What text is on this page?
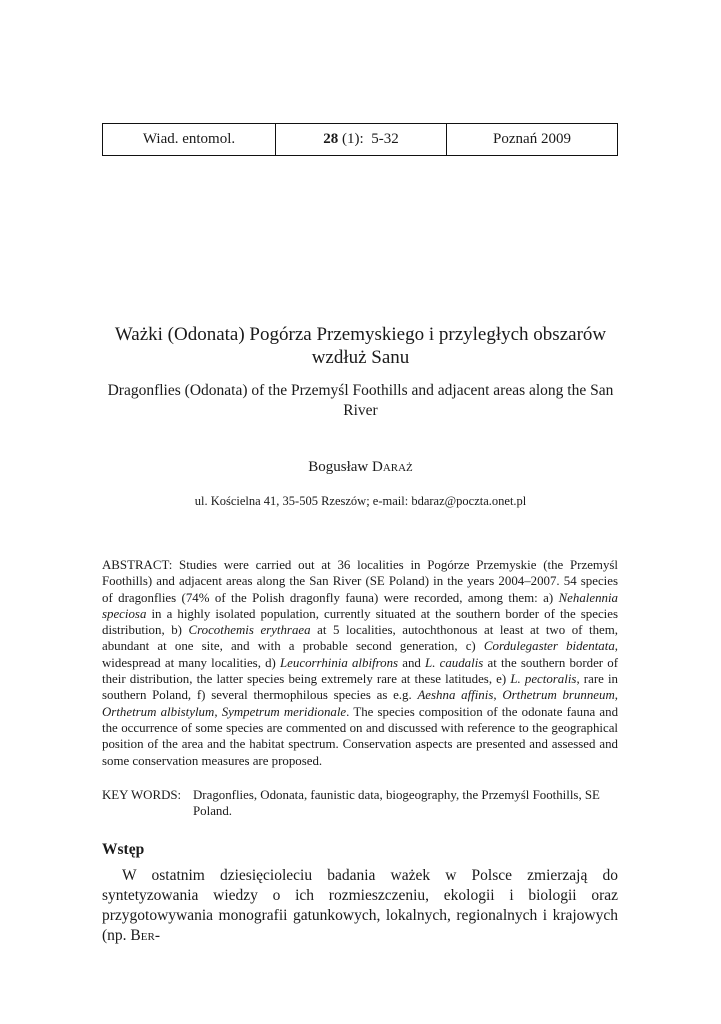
Wiad. entomol.	28 (1):  5-32	Poznań 2009
Ważki (Odonata) Pogórza Przemyskiego i przyległych obszarów wzdłuż Sanu
Dragonflies (Odonata) of the Przemyśl Foothills and adjacent areas along the San River
Bogusław Daraż
ul. Kościelna 41, 35-505 Rzeszów; e-mail: bdaraz@poczta.onet.pl

ABSTRACT: Studies were carried out at 36 localities in Pogórze Przemyskie (the Przemyśl Foothills) and adjacent areas along the San River (SE Poland) in the years 2004–2007. 54 species of dragonflies (74% of the Polish dragonfly fauna) were recorded, among them: a) Nehalennia speciosa in a highly isolated population, currently situated at the southern border of the species distribution, b) Crocothemis erythraea at 5 localities, autochthonous at least at two of them, abundant at one site, and with a probable second generation, c) Cordulegaster bidentata, widespread at many localities, d) Leucorrhinia albifrons and L. caudalis at the southern border of their distribution, the latter species being extremely rare at these latitudes, e) L. pectoralis, rare in southern Poland, f) several thermophilous species as e.g. Aeshna affinis, Orthetrum brunneum, Orthetrum albistylum, Sympetrum meridionale. The species composition of the odonate fauna and the occurrence of some species are commented on and discussed with reference to the geographical position of the area and the habitat spectrum. Conservation aspects are presented and assessed and some conservation measures are proposed.

KEY WORDS: Dragonflies, Odonata, faunistic data, biogeography, the Przemyśl Foothills, SE Poland.
Wstęp

W ostatnim dziesięcioleciu badania ważek w Polsce zmierzają do syntetyzowania wiedzy o ich rozmieszczeniu, ekologii i biologii oraz przygotowywania monografii gatunkowych, lokalnych, regionalnych i krajowych (np. Ber-
